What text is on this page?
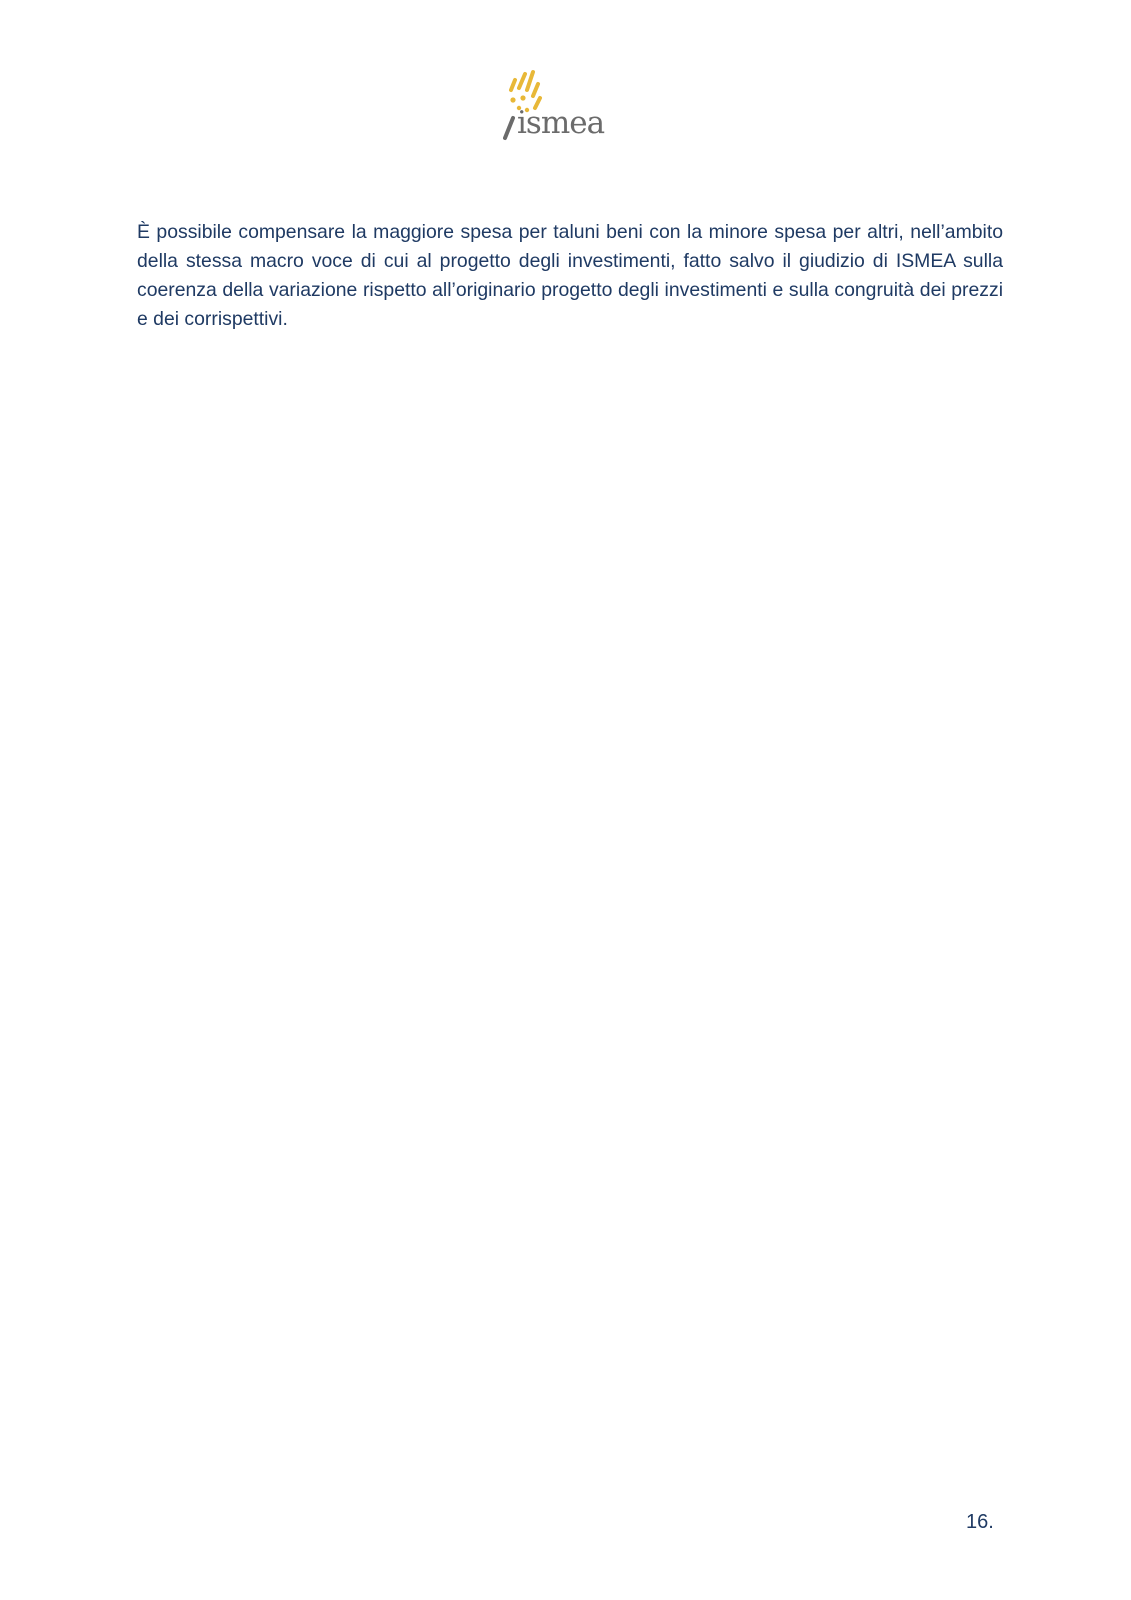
ismea

È possibile compensare la maggiore spesa per taluni beni con la minore spesa per altri, nell’ambito della stessa macro voce di cui al progetto degli investimenti, fatto salvo il giudizio di ISMEA sulla coerenza della variazione rispetto all’originario progetto degli investimenti e sulla congruità dei prezzi e dei corrispettivi.

16.
